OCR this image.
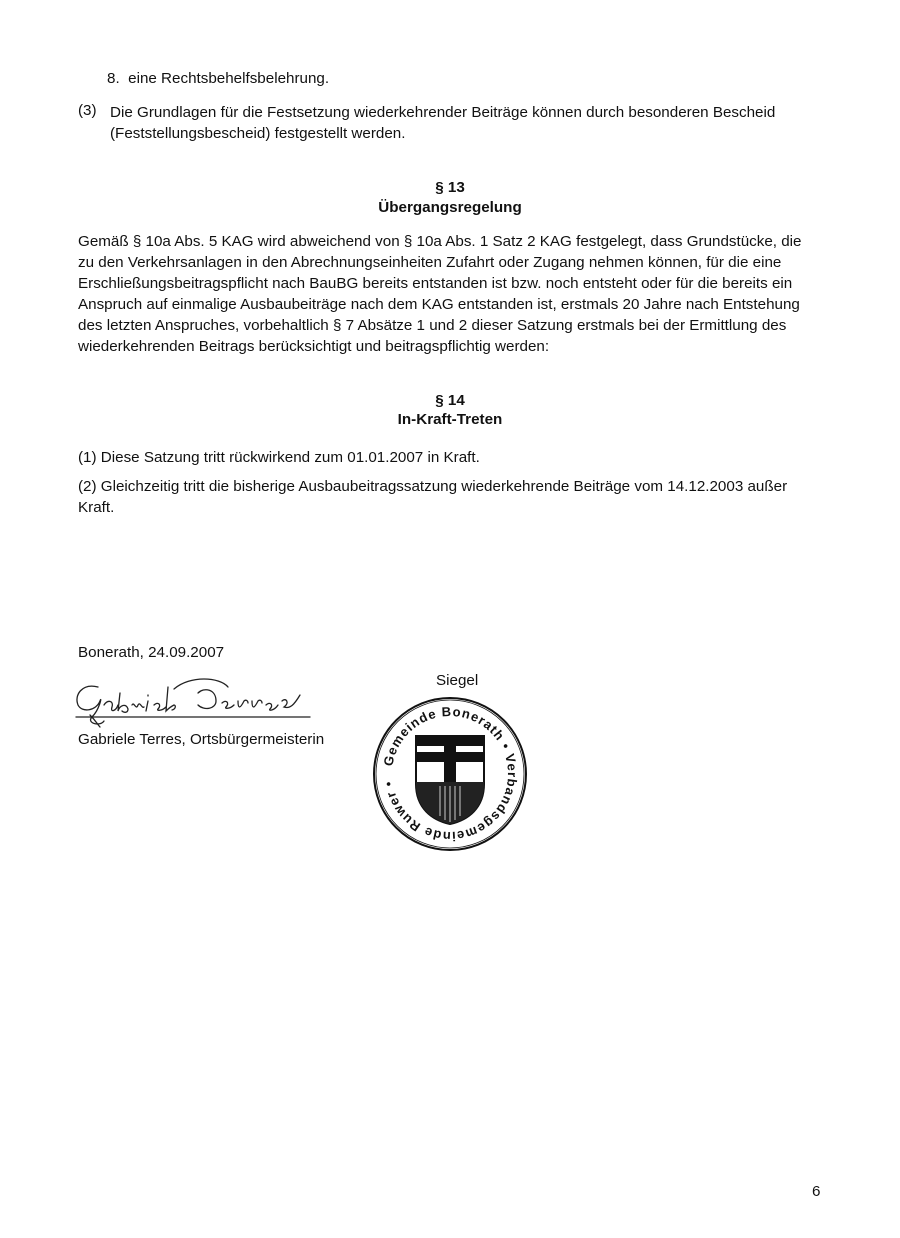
8. eine Rechtsbehelfsbelehrung.
(3) Die Grundlagen für die Festsetzung wiederkehrender Beiträge können durch besonderen Bescheid (Feststellungsbescheid) festgestellt werden.
§ 13
Übergangsregelung
Gemäß § 10a Abs. 5 KAG wird abweichend von § 10a Abs. 1 Satz 2 KAG festgelegt, dass Grundstücke, die zu den Verkehrsanlagen in den Abrechnungseinheiten Zufahrt oder Zugang nehmen können, für die eine Erschließungsbeitragspflicht nach BauBG bereits entstanden ist bzw. noch entsteht oder für die bereits ein Anspruch auf einmalige Ausbaubeiträge nach dem KAG entstanden ist, erstmals 20 Jahre nach Entstehung des letzten Anspruches, vorbehaltlich § 7 Absätze 1 und 2 dieser Satzung erstmals bei der Ermittlung des wiederkehrenden Beitrags berücksichtigt und beitragspflichtig werden:
§ 14
In-Kraft-Treten
(1) Diese Satzung tritt rückwirkend zum 01.01.2007 in Kraft.
(2) Gleichzeitig tritt die bisherige Ausbaubeitragssatzung wiederkehrende Beiträge vom 14.12.2003 außer Kraft.
Bonerath, 24.09.2007
Gabriele Terres, Ortsbürgermeisterin
Siegel
Gemeinde Bonerath • Verbandsgemeinde Ruwer •
6
